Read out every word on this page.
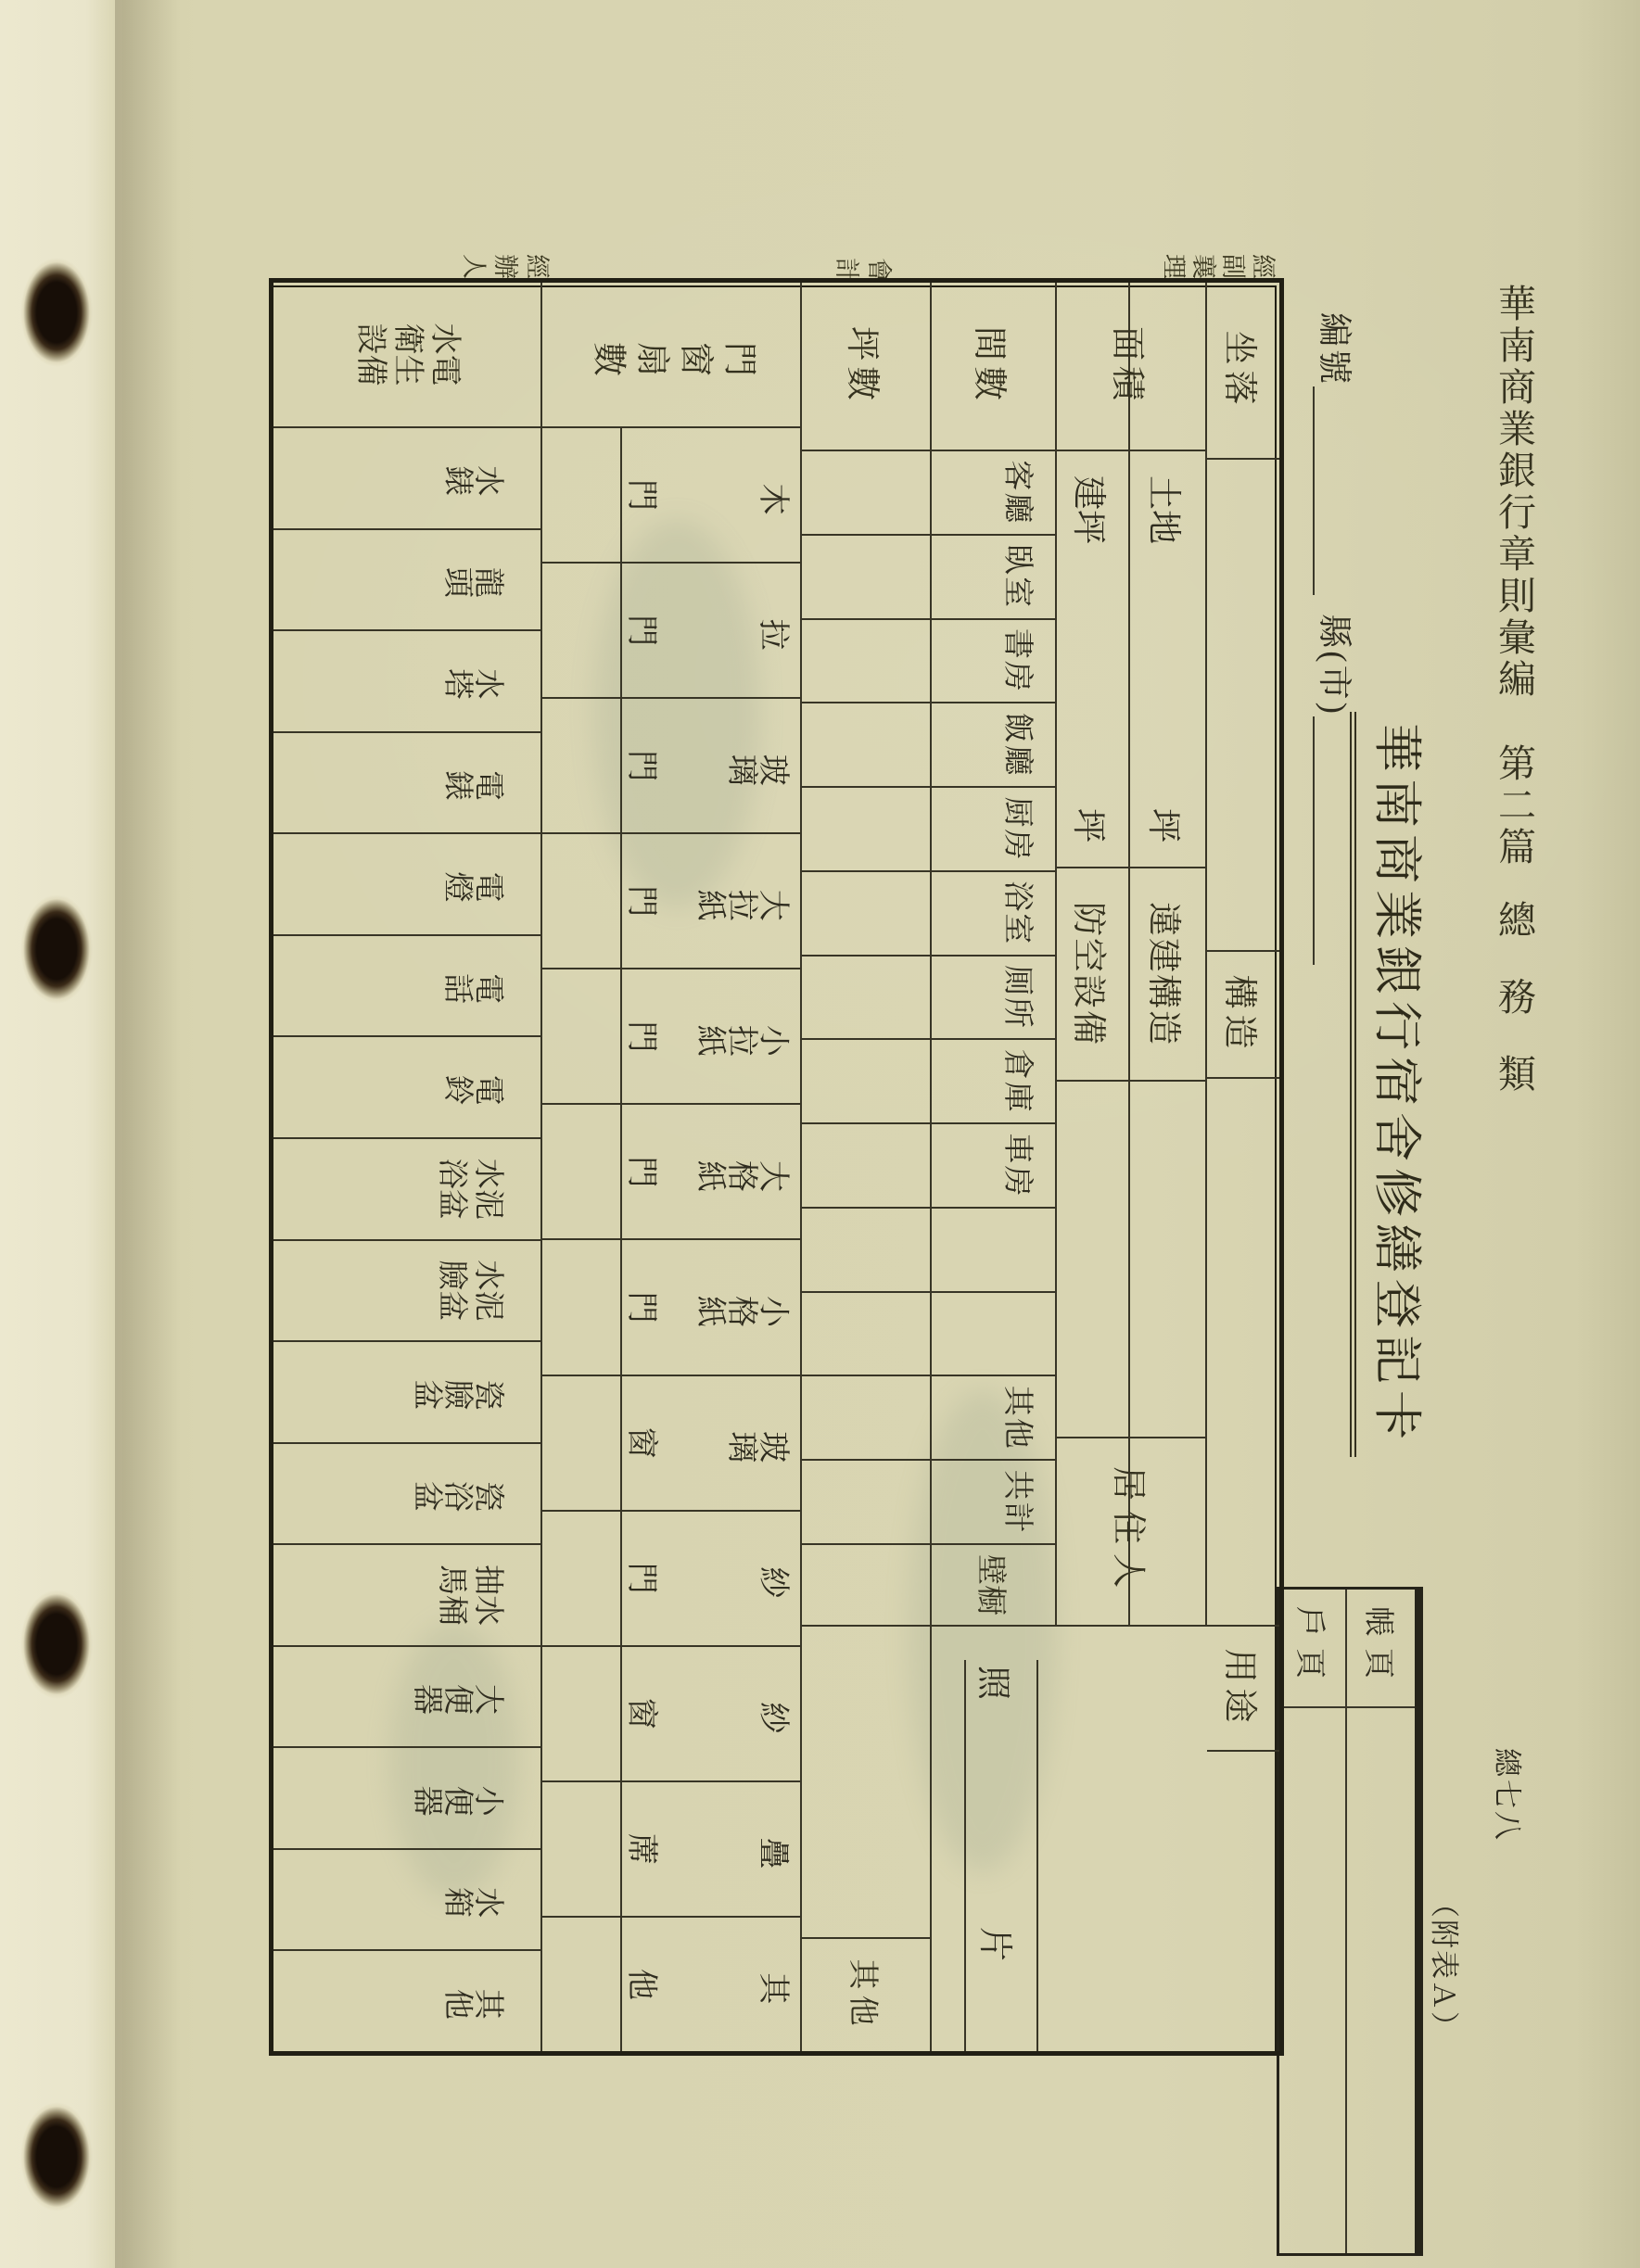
華南商業銀行章則彙編第二篇總務類
編號 縣(市)
華南商業銀行宿舍修繕登記卡
總七八
（附表Ａ）
經副襄理
會計
經辦人
帳頁
戶頁
坐落
構造
用途
土地
坪
違建構造
建坪
坪
防空設備
間數
客廳
臥室
書房
飯廳
厨房
浴室
厠所
倉庫
車房
其他
共計
壁橱
面積
居住人
照
片
坪數
其他
門窗扇數
木
門
拉
門
玻璃
門
大拉紙
門
小拉紙
門
大格紙
門
小格紙
門
玻璃
窗
紗
門
紗
窗
疊
蓆
其
他
水電衛生設備
水錶
龍頭
水塔
電錶
電燈
電話
電鈴
水泥浴盆
水泥臉盆
瓷臉盆
瓷浴盆
抽水馬桶
大便器
小便器
水箱
其他
